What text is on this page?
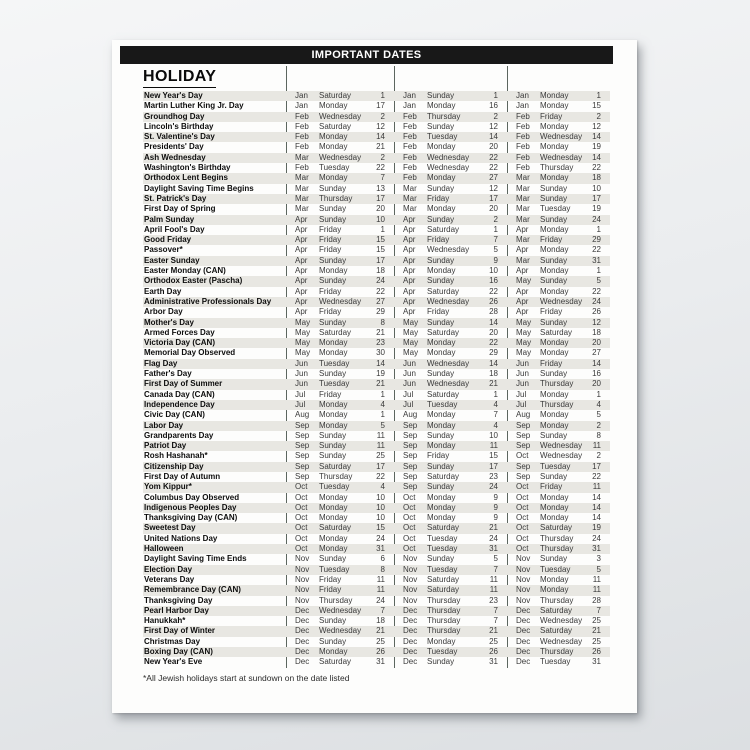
IMPORTANT DATES
HOLIDAY
New Year's Day	Jan	Saturday	1 Jan	Sunday	1 Jan	Monday	1
Martin Luther King Jr. Day	Jan	Monday	17 Jan	Monday	16 Jan	Monday	15
Groundhog Day	Feb	Wednesday	2 Feb	Thursday	2 Feb	Friday	2
Lincoln's Birthday	Feb	Saturday	12 Feb	Sunday	12 Feb	Monday	12
St. Valentine's Day	Feb	Monday	14 Feb	Tuesday	14 Feb	Wednesday	14
Presidents' Day	Feb	Monday	21 Feb	Monday	20 Feb	Monday	19
Ash Wednesday	Mar	Wednesday	2 Feb	Wednesday	22 Feb	Wednesday	14
Washington's Birthday	Feb	Tuesday	22 Feb	Wednesday	22 Feb	Thursday	22
Orthodox Lent Begins	Mar	Monday	7 Feb	Monday	27 Mar	Monday	18
Daylight Saving Time Begins	Mar	Sunday	13 Mar	Sunday	12 Mar	Sunday	10
St. Patrick's Day	Mar	Thursday	17 Mar	Friday	17 Mar	Sunday	17
First Day of Spring	Mar	Sunday	20 Mar	Monday	20 Mar	Tuesday	19
Palm Sunday	Apr	Sunday	10 Apr	Sunday	2 Mar	Sunday	24
April Fool's Day	Apr	Friday	1 Apr	Saturday	1 Apr	Monday	1
Good Friday	Apr	Friday	15 Apr	Friday	7 Mar	Friday	29
Passover*	Apr	Friday	15 Apr	Wednesday	5 Apr	Monday	22
Easter Sunday	Apr	Sunday	17 Apr	Sunday	9 Mar	Sunday	31
Easter Monday (CAN)	Apr	Monday	18 Apr	Monday	10 Apr	Monday	1
Orthodox Easter (Pascha)	Apr	Sunday	24 Apr	Sunday	16 May	Sunday	5
Earth Day	Apr	Friday	22 Apr	Saturday	22 Apr	Monday	22
Administrative Professionals Day	Apr	Wednesday	27 Apr	Wednesday	26 Apr	Wednesday	24
Arbor Day	Apr	Friday	29 Apr	Friday	28 Apr	Friday	26
Mother's Day	May	Sunday	8 May	Sunday	14 May	Sunday	12
Armed Forces Day	May	Saturday	21 May	Saturday	20 May	Saturday	18
Victoria Day (CAN)	May	Monday	23 May	Monday	22 May	Monday	20
Memorial Day Observed	May	Monday	30 May	Monday	29 May	Monday	27
Flag Day	Jun	Tuesday	14 Jun	Wednesday	14 Jun	Friday	14
Father's Day	Jun	Sunday	19 Jun	Sunday	18 Jun	Sunday	16
First Day of Summer	Jun	Tuesday	21 Jun	Wednesday	21 Jun	Thursday	20
Canada Day (CAN)	Jul	Friday	1 Jul	Saturday	1 Jul	Monday	1
Independence Day	Jul	Monday	4 Jul	Tuesday	4 Jul	Thursday	4
Civic Day (CAN)	Aug	Monday	1 Aug	Monday	7 Aug	Monday	5
Labor Day	Sep	Monday	5 Sep	Monday	4 Sep	Monday	2
Grandparents Day	Sep	Sunday	11 Sep	Sunday	10 Sep	Sunday	8
Patriot Day	Sep	Sunday	11 Sep	Monday	11 Sep	Wednesday	11
Rosh Hashanah*	Sep	Sunday	25 Sep	Friday	15 Oct	Wednesday	2
Citizenship Day	Sep	Saturday	17 Sep	Sunday	17 Sep	Tuesday	17
First Day of Autumn	Sep	Thursday	22 Sep	Saturday	23 Sep	Sunday	22
Yom Kippur*	Oct	Tuesday	4 Sep	Sunday	24 Oct	Friday	11
Columbus Day Observed	Oct	Monday	10 Oct	Monday	9 Oct	Monday	14
Indigenous Peoples Day	Oct	Monday	10 Oct	Monday	9 Oct	Monday	14
Thanksgiving Day (CAN)	Oct	Monday	10 Oct	Monday	9 Oct	Monday	14
Sweetest Day	Oct	Saturday	15 Oct	Saturday	21 Oct	Saturday	19
United Nations Day	Oct	Monday	24 Oct	Tuesday	24 Oct	Thursday	24
Halloween	Oct	Monday	31 Oct	Tuesday	31 Oct	Thursday	31
Daylight Saving Time Ends	Nov	Sunday	6 Nov	Sunday	5 Nov	Sunday	3
Election Day	Nov	Tuesday	8 Nov	Tuesday	7 Nov	Tuesday	5
Veterans Day	Nov	Friday	11 Nov	Saturday	11 Nov	Monday	11
Remembrance Day (CAN)	Nov	Friday	11 Nov	Saturday	11 Nov	Monday	11
Thanksgiving Day	Nov	Thursday	24 Nov	Thursday	23 Nov	Thursday	28
Pearl Harbor Day	Dec	Wednesday	7 Dec	Thursday	7 Dec	Saturday	7
Hanukkah*	Dec	Sunday	18 Dec	Thursday	7 Dec	Wednesday	25
First Day of Winter	Dec	Wednesday	21 Dec	Thursday	21 Dec	Saturday	21
Christmas Day	Dec	Sunday	25 Dec	Monday	25 Dec	Wednesday	25
Boxing Day (CAN)	Dec	Monday	26 Dec	Tuesday	26 Dec	Thursday	26
New Year's Eve	Dec	Saturday	31 Dec	Sunday	31 Dec	Tuesday	31
*All Jewish holidays start at sundown on the date listed
